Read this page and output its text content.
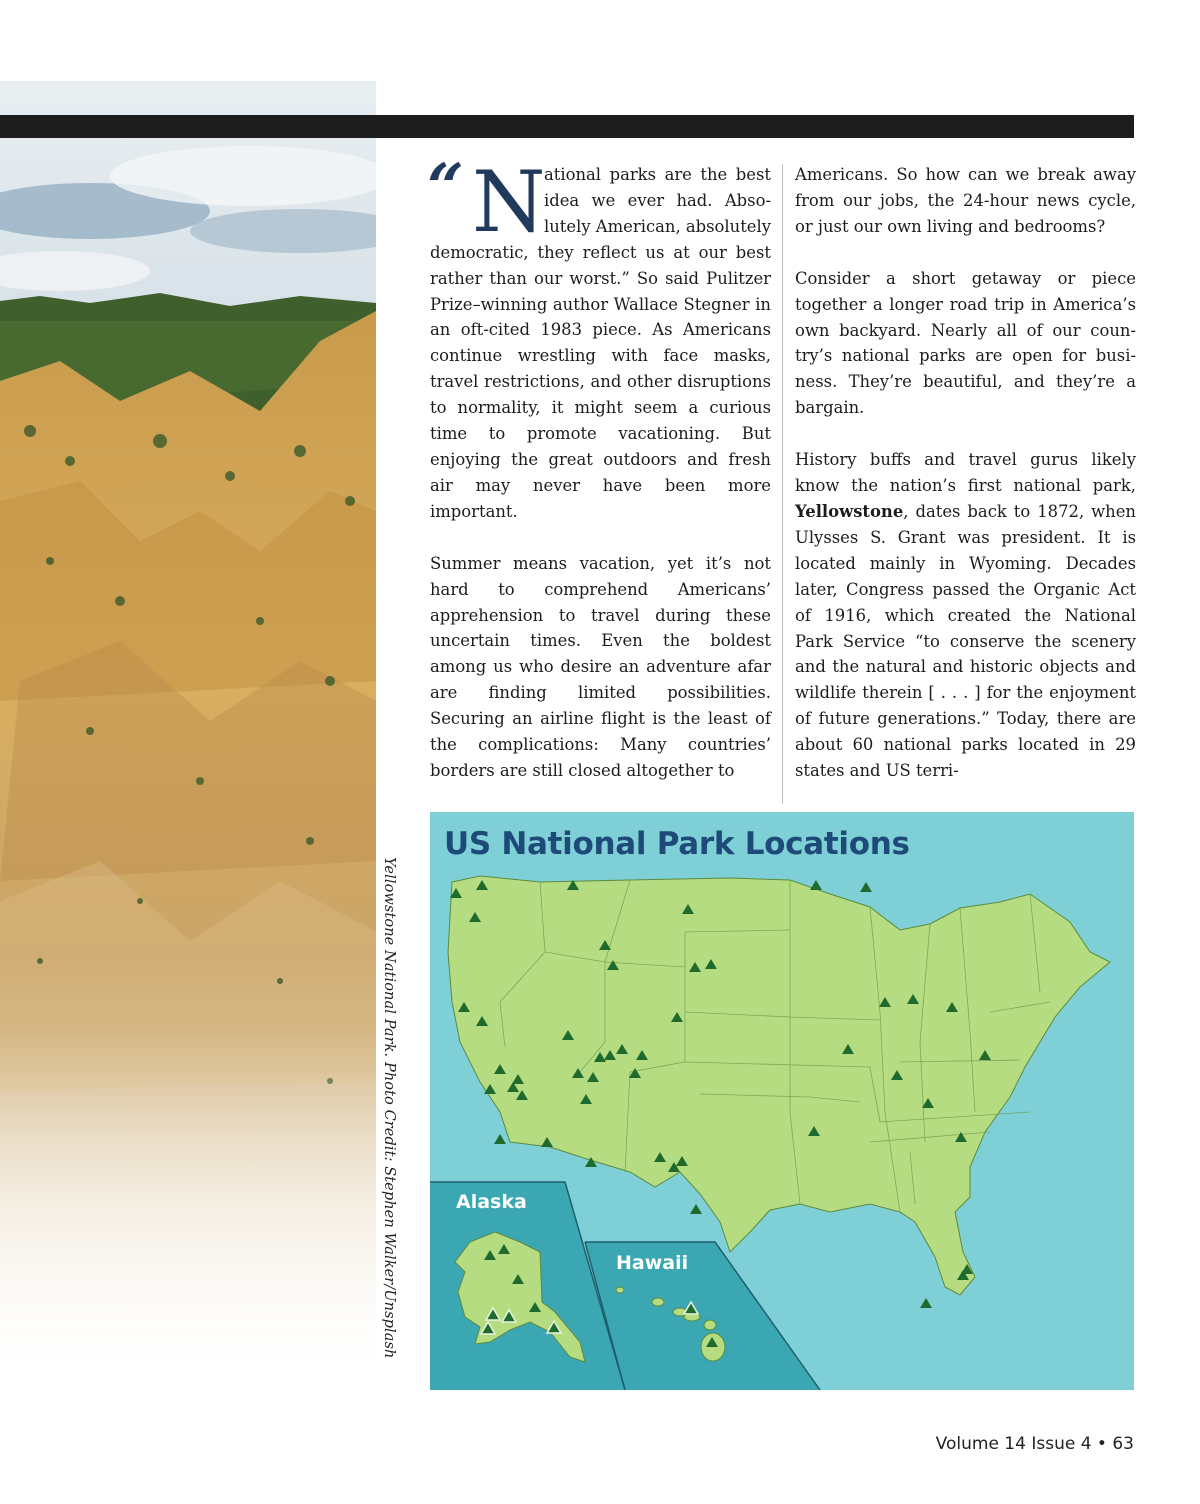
Yellowstone National Park. Photo Credit: Stephen Walker/Unsplash

“ N
ational parks are the best idea we ever had. Absolutely American, absolutely democratic, they reflect us at our best rather than our worst.” So said Pulitzer Prize–winning author Wallace Stegner in an oft-cited 1983 piece. As Americans continue wrestling with face masks, travel restrictions, and other disruptions to normality, it might seem a curious time to promote vacationing. But enjoying the great outdoors and fresh air may never have been more important.

Summer means vacation, yet it’s not hard to comprehend Americans’ apprehension to travel during these uncertain times. Even the boldest among us who desire an adventure afar are finding limited possibilities. Securing an airline flight is the least of the complications: Many countries’ borders are still closed altogether to

Americans. So how can we break away from our jobs, the 24-hour news cycle, or just our own living and bedrooms?

Consider a short getaway or piece together a longer road trip in America’s own backyard. Nearly all of our country’s national parks are open for business. They’re beautiful, and they’re a bargain.

History buffs and travel gurus likely know the nation’s first national park, Yellowstone, dates back to 1872, when Ulysses S. Grant was president. It is located mainly in Wyoming. Decades later, Congress passed the Organic Act of 1916, which created the National Park Service “to conserve the scenery and the natural and historic objects and wildlife therein [ . . . ] for the enjoyment of future generations.” Today, there are about 60 national parks located in 29 states and US terri-

US National Park Locations
Alaska
Hawaii
Volume 14 Issue 4 • 63
